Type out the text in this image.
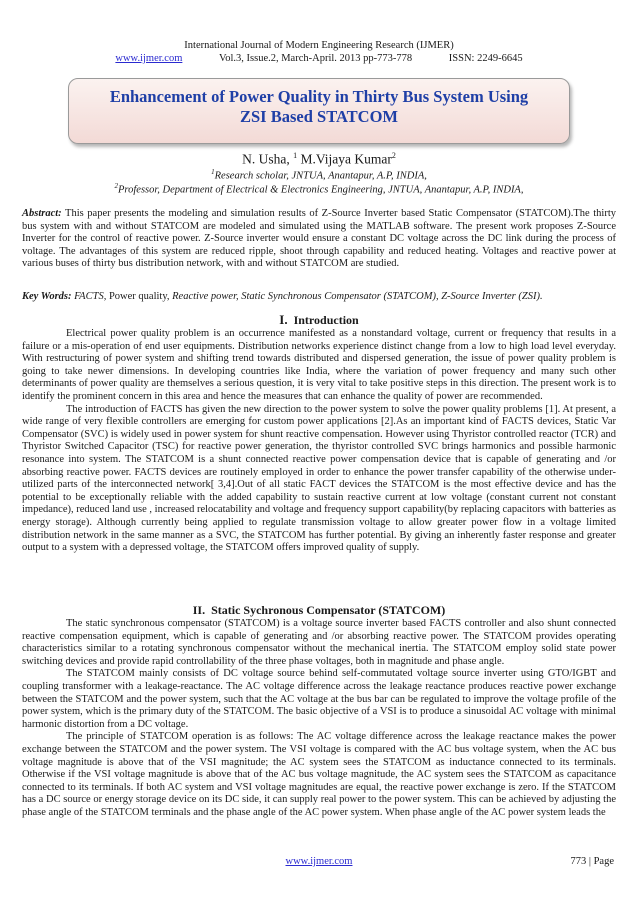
International Journal of Modern Engineering Research (IJMER)
www.ijmer.com	Vol.3, Issue.2, March-April. 2013 pp-773-778	ISSN: 2249-6645
Enhancement of Power Quality in Thirty Bus System Using
ZSI Based STATCOM
N. Usha, $^1$ M.Vijaya Kumar$^2$
$^1$Research scholar, JNTUA, Anantapur, A.P, INDIA,
$^2$Professor, Department of Electrical & Electronics Engineering, JNTUA, Anantapur, A.P, INDIA,
Abstract: This paper presents the modeling and simulation results of Z-Source Inverter based Static Compensator (STATCOM).The thirty bus system with and without STATCOM are modeled and simulated using the MATLAB software. The present work proposes Z-Source Inverter for the control of reactive power. Z-Source inverter would ensure a constant DC voltage across the DC link during the process of voltage. The advantages of this system are reduced ripple, shoot through capability and reduced heating. Voltages and reactive power at various buses of thirty bus distribution network, with and without STATCOM are studied.
Key Words: FACTS, Power quality, Reactive power, Static Synchronous Compensator (STATCOM), Z-Source Inverter (ZSI).
I. Introduction

Electrical power quality problem is an occurrence manifested as a nonstandard voltage, current or frequency that results in a failure or a mis-operation of end user equipments. Distribution networks experience distinct change from a low to high load level everyday. With restructuring of power system and shifting trend towards distributed and dispersed generation, the issue of power quality problem is going to take newer dimensions. In developing countries like India, where the variation of power frequency and many such other determinants of power quality are themselves a serious question, it is very vital to take positive steps in this direction. The present work is to identify the prominent concern in this area and hence the measures that can enhance the quality of power are recommended.

The introduction of FACTS has given the new direction to the power system to solve the power quality problems [1]. At present, a wide range of very flexible controllers are emerging for custom power applications [2].As an important kind of FACTS devices, Static Var Compensator (SVC) is widely used in power system for shunt reactive compensation. However using Thyristor controlled reactor (TCR) and Thyristor Switched Capacitor (TSC) for reactive power generation, the thyristor controlled SVC brings harmonics and possible harmonic resonance into system. The STATCOM is a shunt connected reactive power compensation device that is capable of generating and /or absorbing reactive power. FACTS devices are routinely employed in order to enhance the power transfer capability of the otherwise under-utilized parts of the interconnected network[ 3,4].Out of all static FACT devices the STATCOM is the most effective device and has the potential to be exceptionally reliable with the added capability to sustain reactive current at low voltage (constant current not constant impedance), reduced land use , increased relocatability and voltage and frequency support capability(by replacing capacitors with batteries as energy storage). Although currently being applied to regulate transmission voltage to allow greater power flow in a voltage limited distribution network in the same manner as a SVC, the STATCOM has further potential. By giving an inherently faster response and greater output to a system with a depressed voltage, the STATCOM offers improved quality of supply.

II. Static Sychronous Compensator (STATCOM)

The static synchronous compensator (STATCOM) is a voltage source inverter based FACTS controller and also shunt connected reactive compensation equipment, which is capable of generating and /or absorbing reactive power. The STATCOM provides operating characteristics similar to a rotating synchronous compensator without the mechanical inertia. The STATCOM employ solid state power switching devices and provide rapid controllability of the three phase voltages, both in magnitude and phase angle.

The STATCOM mainly consists of DC voltage source behind self-commutated voltage source inverter using GTO/IGBT and coupling transformer with a leakage-reactance. The AC voltage difference across the leakage reactance produces reactive power exchange between the STATCOM and the power system, such that the AC voltage at the bus bar can be regulated to improve the voltage profile of the power system, which is the primary duty of the STATCOM. The basic objective of a VSI is to produce a sinusoidal AC voltage with minimal harmonic distortion from a DC voltage.

The principle of STATCOM operation is as follows: The AC voltage difference across the leakage reactance makes the power exchange between the STATCOM and the power system. The VSI voltage is compared with the AC bus voltage system, when the AC bus voltage magnitude is above that of the VSI magnitude; the AC system sees the STATCOM as inductance connected to its terminals. Otherwise if the VSI voltage magnitude is above that of the AC bus voltage magnitude, the AC system sees the STATCOM as capacitance connected to its terminals. If both AC system and VSI voltage magnitudes are equal, the reactive power exchange is zero. If the STATCOM has a DC source or energy storage device on its DC side, it can supply real power to the power system. This can be achieved by adjusting the phase angle of the STATCOM terminals and the phase angle of the AC power system. When phase angle of the AC power system leads the

www.ijmer.com	773 | Page
